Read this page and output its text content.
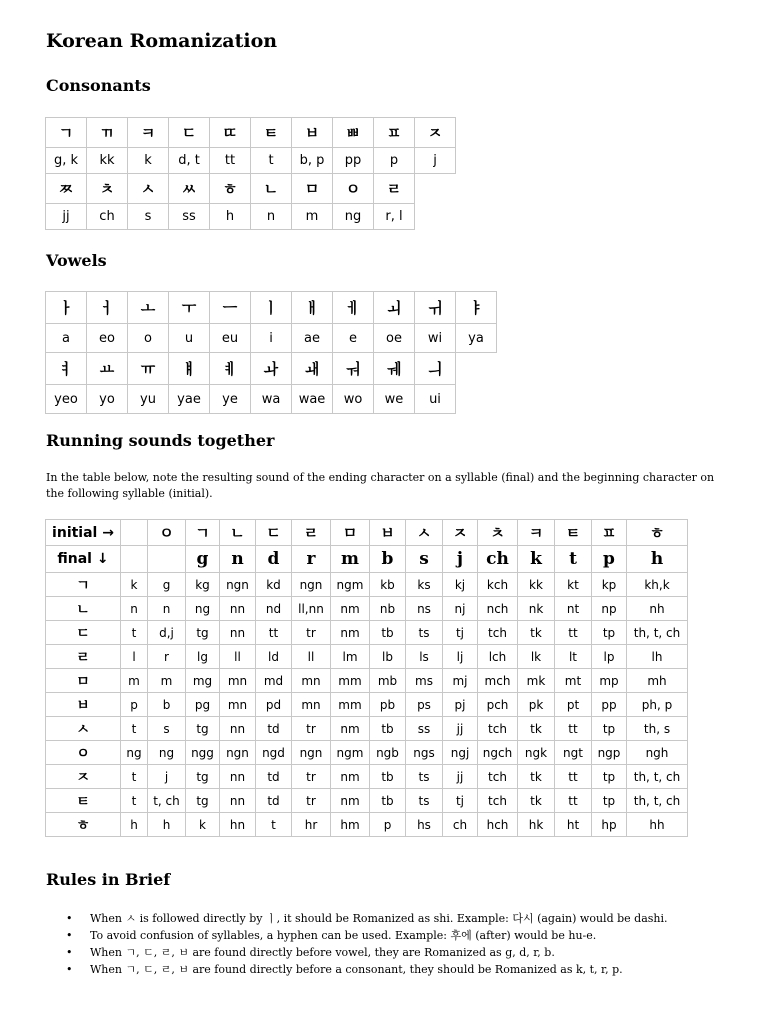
Korean Romanization
Consonants
ㄱ	ㄲ	ㅋ	ㄷ	ㄸ	ㅌ	ㅂ	ㅃ	ㅍ	ㅈ
g, k	kk	k	d, t	tt	t	b, p	pp	p	j
ㅉ	ㅊ	ㅅ	ㅆ	ㅎ	ㄴ	ㅁ	ㅇ	ㄹ	
jj	ch	s	ss	h	n	m	ng	r, l	
Vowels
ㅏ	ㅓ	ㅗ	ㅜ	ㅡ	ㅣ	ㅐ	ㅔ	ㅚ	ㅟ	ㅑ
a	eo	o	u	eu	i	ae	e	oe	wi	ya
ㅕ	ㅛ	ㅠ	ㅒ	ㅖ	ㅘ	ㅙ	ㅝ	ㅞ	ㅢ	
yeo	yo	yu	yae	ye	wa	wae	wo	we	ui	
Running sounds together

In the table below, note the resulting sound of the ending character on a syllable (final) and the beginning character on the following syllable (initial).

initial →		ㅇ	ㄱ	ㄴ	ㄷ	ㄹ	ㅁ	ㅂ	ㅅ	ㅈ	ㅊ	ㅋ	ㅌ	ㅍ	ㅎ
final ↓			g	n	d	r	m	b	s	j	ch	k	t	p	h
ㄱ	k	g	kg	ngn	kd	ngn	ngm	kb	ks	kj	kch	kk	kt	kp	kh,k
ㄴ	n	n	ng	nn	nd	ll,nn	nm	nb	ns	nj	nch	nk	nt	np	nh
ㄷ	t	d,j	tg	nn	tt	tr	nm	tb	ts	tj	tch	tk	tt	tp	th, t, ch
ㄹ	l	r	lg	ll	ld	ll	lm	lb	ls	lj	lch	lk	lt	lp	lh
ㅁ	m	m	mg	mn	md	mn	mm	mb	ms	mj	mch	mk	mt	mp	mh
ㅂ	p	b	pg	mn	pd	mn	mm	pb	ps	pj	pch	pk	pt	pp	ph, p
ㅅ	t	s	tg	nn	td	tr	nm	tb	ss	jj	tch	tk	tt	tp	th, s
ㅇ	ng	ng	ngg	ngn	ngd	ngn	ngm	ngb	ngs	ngj	ngch	ngk	ngt	ngp	ngh
ㅈ	t	j	tg	nn	td	tr	nm	tb	ts	jj	tch	tk	tt	tp	th, t, ch
ㅌ	t	t, ch	tg	nn	td	tr	nm	tb	ts	tj	tch	tk	tt	tp	th, t, ch
ㅎ	h	h	k	hn	t	hr	hm	p	hs	ch	hch	hk	ht	hp	hh
Rules in Brief
• When ㅅ is followed directly by ㅣ, it should be Romanized as shi. Example: 다시 (again) would be dashi.
• To avoid confusion of syllables, a hyphen can be used. Example: 후에 (after) would be hu-e.
• When ㄱ, ㄷ, ㄹ, ㅂ are found directly before vowel, they are Romanized as g, d, r, b.
• When ㄱ, ㄷ, ㄹ, ㅂ are found directly before a consonant, they should be Romanized as k, t, r, p.
